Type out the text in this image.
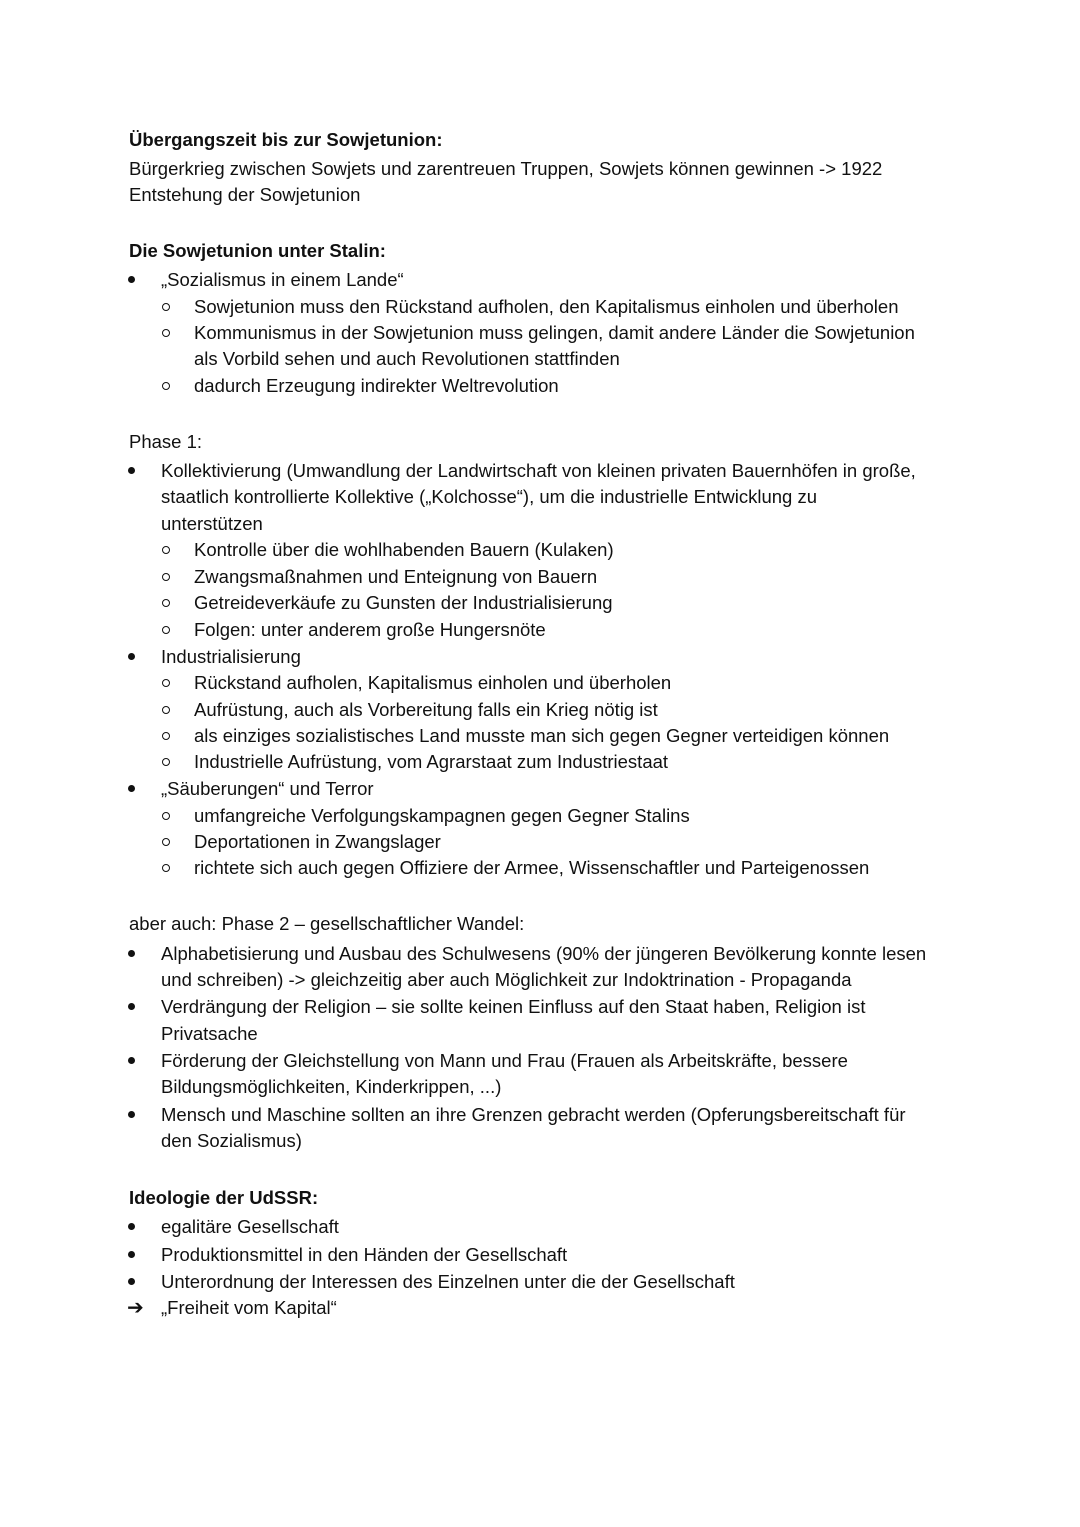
Übergangszeit bis zur Sowjetunion:
Bürgerkrieg zwischen Sowjets und zarentreuen Truppen, Sowjets können gewinnen -> 1922
Entstehung der Sowjetunion
Die Sowjetunion unter Stalin:
„Sozialismus in einem Lande“
Sowjetunion muss den Rückstand aufholen, den Kapitalismus einholen und überholen
Kommunismus in der Sowjetunion muss gelingen, damit andere Länder die Sowjetunion
als Vorbild sehen und auch Revolutionen stattfinden
dadurch Erzeugung indirekter Weltrevolution
Phase 1:
Kollektivierung (Umwandlung der Landwirtschaft von kleinen privaten Bauernhöfen in große,
staatlich kontrollierte Kollektive („Kolchosse“), um die industrielle Entwicklung zu
unterstützen
Kontrolle über die wohlhabenden Bauern (Kulaken)
Zwangsmaßnahmen und Enteignung von Bauern
Getreideverkäufe zu Gunsten der Industrialisierung
Folgen: unter anderem große Hungersnöte
Industrialisierung
Rückstand aufholen, Kapitalismus einholen und überholen
Aufrüstung, auch als Vorbereitung falls ein Krieg nötig ist
als einziges sozialistisches Land musste man sich gegen Gegner verteidigen können
Industrielle Aufrüstung, vom Agrarstaat zum Industriestaat
„Säuberungen“ und Terror
umfangreiche Verfolgungskampagnen gegen Gegner Stalins
Deportationen in Zwangslager
richtete sich auch gegen Offiziere der Armee, Wissenschaftler und Parteigenossen
aber auch: Phase 2 – gesellschaftlicher Wandel:
Alphabetisierung und Ausbau des Schulwesens (90% der jüngeren Bevölkerung konnte lesen
und schreiben) -> gleichzeitig aber auch Möglichkeit zur Indoktrination - Propaganda
Verdrängung der Religion – sie sollte keinen Einfluss auf den Staat haben, Religion ist
Privatsache
Förderung der Gleichstellung von Mann und Frau (Frauen als Arbeitskräfte, bessere
Bildungsmöglichkeiten, Kinderkrippen, ...)
Mensch und Maschine sollten an ihre Grenzen gebracht werden (Opferungsbereitschaft für
den Sozialismus)
Ideologie der UdSSR:
egalitäre Gesellschaft
Produktionsmittel in den Händen der Gesellschaft
Unterordnung der Interessen des Einzelnen unter die der Gesellschaft
➔ „Freiheit vom Kapital“
